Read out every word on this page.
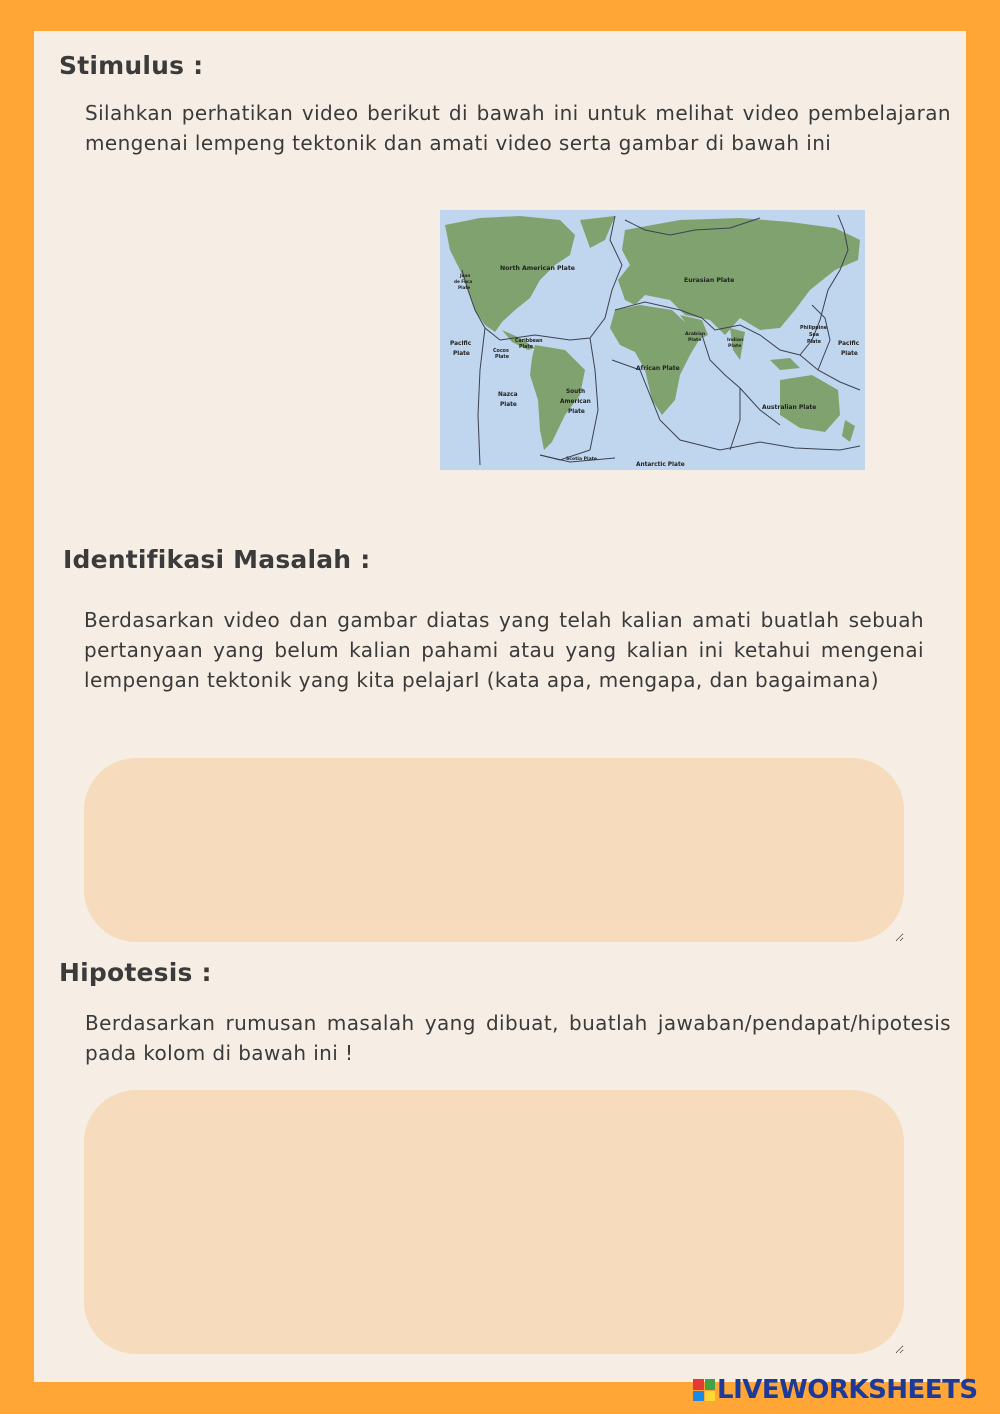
Stimulus :

Silahkan perhatikan video berikut di bawah ini untuk melihat video pembelajaran mengenai lempeng tektonik dan amati video serta gambar di bawah ini

North American Plate
Juan
de Fuca
Plate
Eurasian Plate
Pacific
Plate
Caribbean
Plate
Cocos
Plate
Arabian
Plate	Indian
Plate
Philippine
Sea
Plate	Pacific
Plate
African Plate
Nazca
Plate
South
American
Plate
Australian Plate
Scotia Plate
Antarctic Plate
Identifikasi Masalah :

Berdasarkan video dan gambar diatas yang telah kalian amati buatlah sebuah pertanyaan yang belum kalian pahami atau yang kalian ini ketahui mengenai lempengan tektonik yang kita pelajarI (kata apa, mengapa, dan bagaimana)

Hipotesis :

Berdasarkan rumusan masalah yang dibuat, buatlah jawaban/pendapat/hipotesis pada kolom di bawah ini !

LIVEWORKSHEETS
